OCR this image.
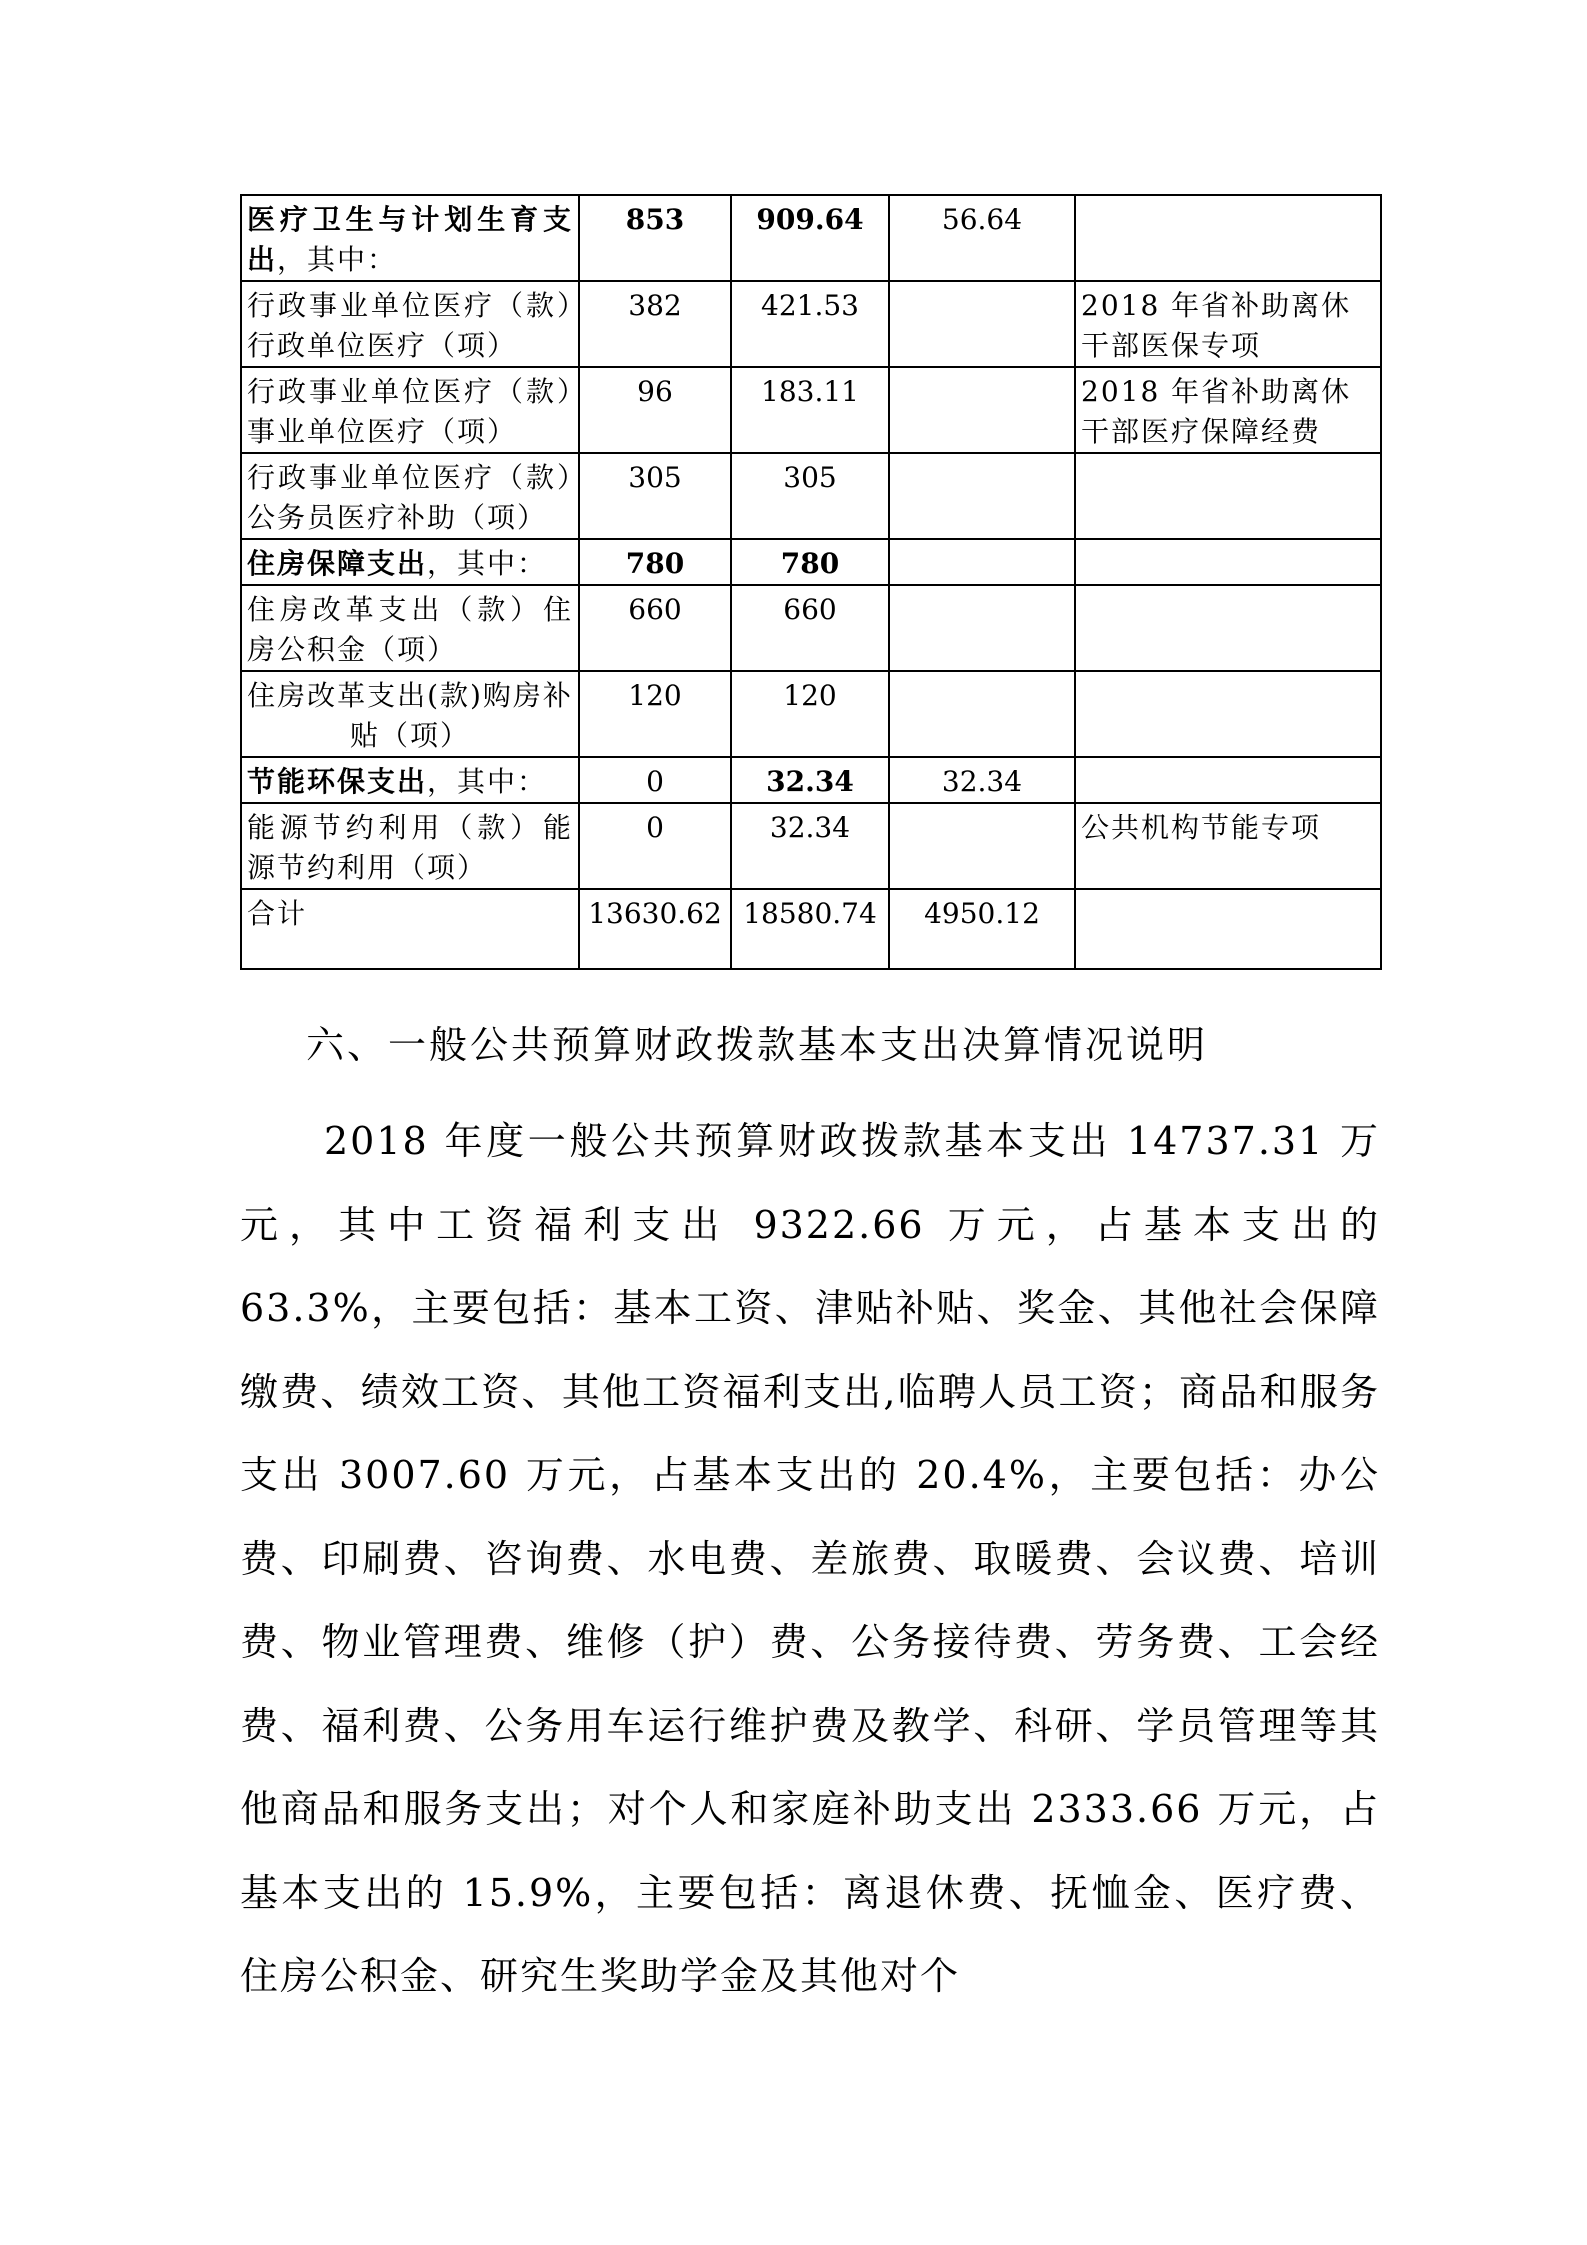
医疗卫生与计划生育支出，其中：	853	909.64	56.64	
行政事业单位医疗（款）行政单位医疗（项）	382	421.53		2018 年省补助离休干部医保专项
行政事业单位医疗（款）事业单位医疗（项）	96	183.11		2018 年省补助离休干部医疗保障经费
行政事业单位医疗（款）公务员医疗补助（项）	305	305		
住房保障支出，其中：	780	780		
住房改革支出（款）住房公积金（项）	660	660		
住房改革支出(款)购房补贴（项）	120	120		
节能环保支出，其中：	0	32.34	32.34	
能源节约利用（款）能源节约利用（项）	0	32.34		公共机构节能专项
合计	13630.62	18580.74	4950.12	
六、一般公共预算财政拨款基本支出决算情况说明
2018 年度一般公共预算财政拨款基本支出 14737.31 万元，其中工资福利支出 9322.66 万元，占基本支出的 63.3%，主要包括：基本工资、津贴补贴、奖金、其他社会保障缴费、绩效工资、其他工资福利支出,临聘人员工资；商品和服务支出 3007.60 万元，占基本支出的 20.4%，主要包括：办公费、印刷费、咨询费、水电费、差旅费、取暖费、会议费、培训费、物业管理费、维修（护）费、公务接待费、劳务费、工会经费、福利费、公务用车运行维护费及教学、科研、学员管理等其他商品和服务支出；对个人和家庭补助支出 2333.66 万元，占基本支出的 15.9%，主要包括：离退休费、抚恤金、医疗费、住房公积金、研究生奖助学金及其他对个
